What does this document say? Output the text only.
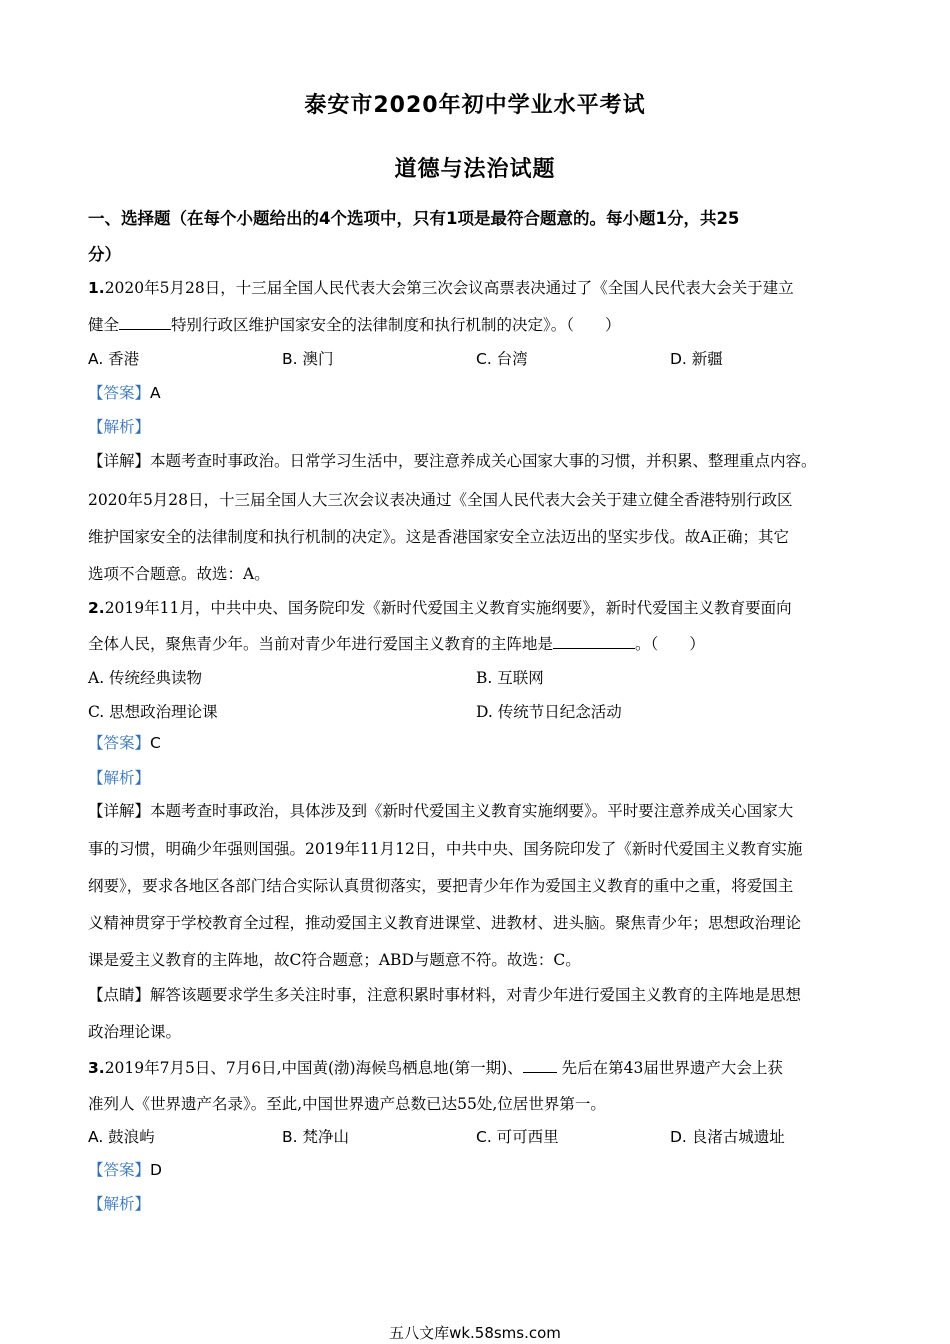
泰安市2020年初中学业水平考试
道德与法治试题
一、选择题（在每个小题给出的4个选项中，只有1项是最符合题意的。每小题1分，共25
分）
1.2020年5月28日，十三届全国人民代表大会第三次会议高票表决通过了《全国人民代表大会关于建立
健全	特别行政区维护国家安全的法律制度和执行机制的决定》。（　　）
A. 香港	B. 澳门	C. 台湾	D. 新疆
【答案】A
【解析】
【详解】本题考查时事政治。日常学习生活中，要注意养成关心国家大事的习惯，并积累、整理重点内容。
2020年5月28日，十三届全国人大三次会议表决通过《全国人民代表大会关于建立健全香港特别行政区
维护国家安全的法律制度和执行机制的决定》。这是香港国家安全立法迈出的坚实步伐。故A正确；其它
选项不合题意。故选：A。
2.2019年11月，中共中央、国务院印发《新时代爱国主义教育实施纲要》，新时代爱国主义教育要面向
全体人民，聚焦青少年。当前对青少年进行爱国主义教育的主阵地是	。（　　）
A. 传统经典读物	B. 互联网
C. 思想政治理论课	D. 传统节日纪念活动
【答案】C
【解析】
【详解】本题考查时事政治，具体涉及到《新时代爱国主义教育实施纲要》。平时要注意养成关心国家大
事的习惯，明确少年强则国强。2019年11月12日，中共中央、国务院印发了《新时代爱国主义教育实施
纲要》，要求各地区各部门结合实际认真贯彻落实，要把青少年作为爱国主义教育的重中之重，将爱国主
义精神贯穿于学校教育全过程，推动爱国主义教育进课堂、进教材、进头脑。聚焦青少年；思想政治理论
课是爱主义教育的主阵地，故C符合题意；ABD与题意不符。故选：C。
【点睛】解答该题要求学生多关注时事，注意积累时事材料，对青少年进行爱国主义教育的主阵地是思想
政治理论课。
3.2019年7月5日、7月6日,中国黄(渤)海候鸟栖息地(第一期)、 先后在第43届世界遗产大会上获
准列人《世界遗产名录》。至此,中国世界遗产总数已达55处,位居世界第一。
A. 鼓浪屿	B. 梵净山	C. 可可西里	D. 良渚古城遗址
【答案】D
【解析】
五八文库wk.58sms.com
